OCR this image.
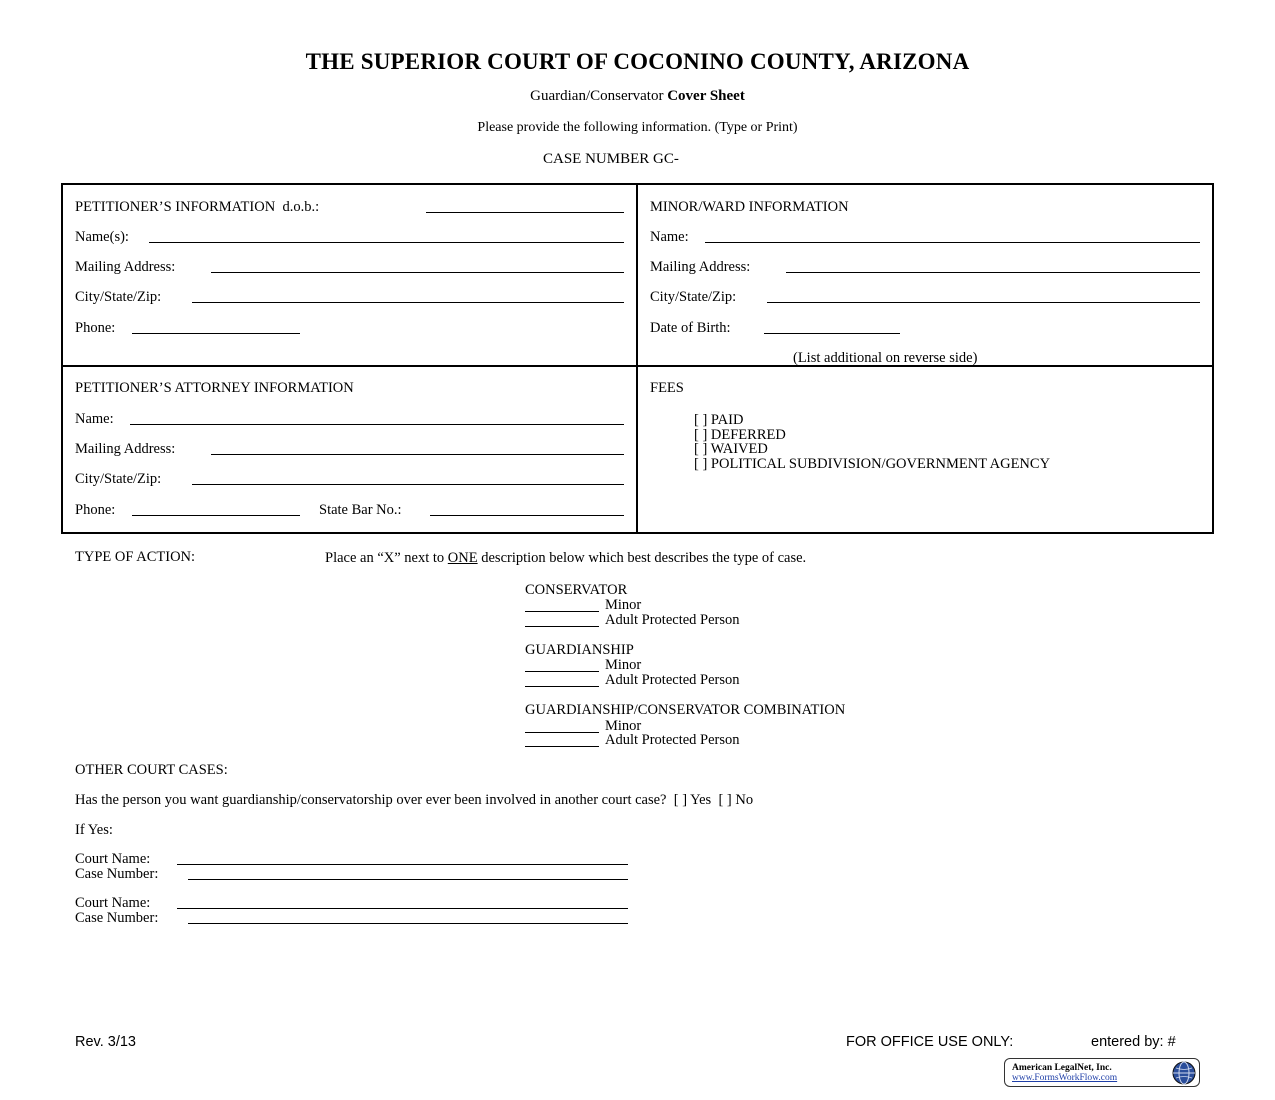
THE SUPERIOR COURT OF COCONINO COUNTY, ARIZONA
Guardian/Conservator Cover Sheet
Please provide the following information. (Type or Print)
CASE NUMBER GC-
PETITIONER’S INFORMATION d.o.b.:
Name(s):
Mailing Address:
City/State/Zip:
Phone:
MINOR/WARD INFORMATION
Name:
Mailing Address:
City/State/Zip:
Date of Birth:
(List additional on reverse side)
PETITIONER’S ATTORNEY INFORMATION
Name:
Mailing Address:
City/State/Zip:
Phone:	State Bar No.:
FEES
[ ] PAID
[ ] DEFERRED
[ ] WAIVED
[ ] POLITICAL SUBDIVISION/GOVERNMENT AGENCY
TYPE OF ACTION:	Place an “X” next to ONE description below which best describes the type of case.
CONSERVATOR
Minor
Adult Protected Person
GUARDIANSHIP
Minor
Adult Protected Person
GUARDIANSHIP/CONSERVATOR COMBINATION
Minor
Adult Protected Person
OTHER COURT CASES:
Has the person you want guardianship/conservatorship over ever been involved in another court case? [ ] Yes [ ] No
If Yes:
Court Name:
Case Number:
Court Name:
Case Number:
Rev. 3/13	FOR OFFICE USE ONLY:	entered by: #
American LegalNet, Inc.
www.FormsWorkFlow.com
